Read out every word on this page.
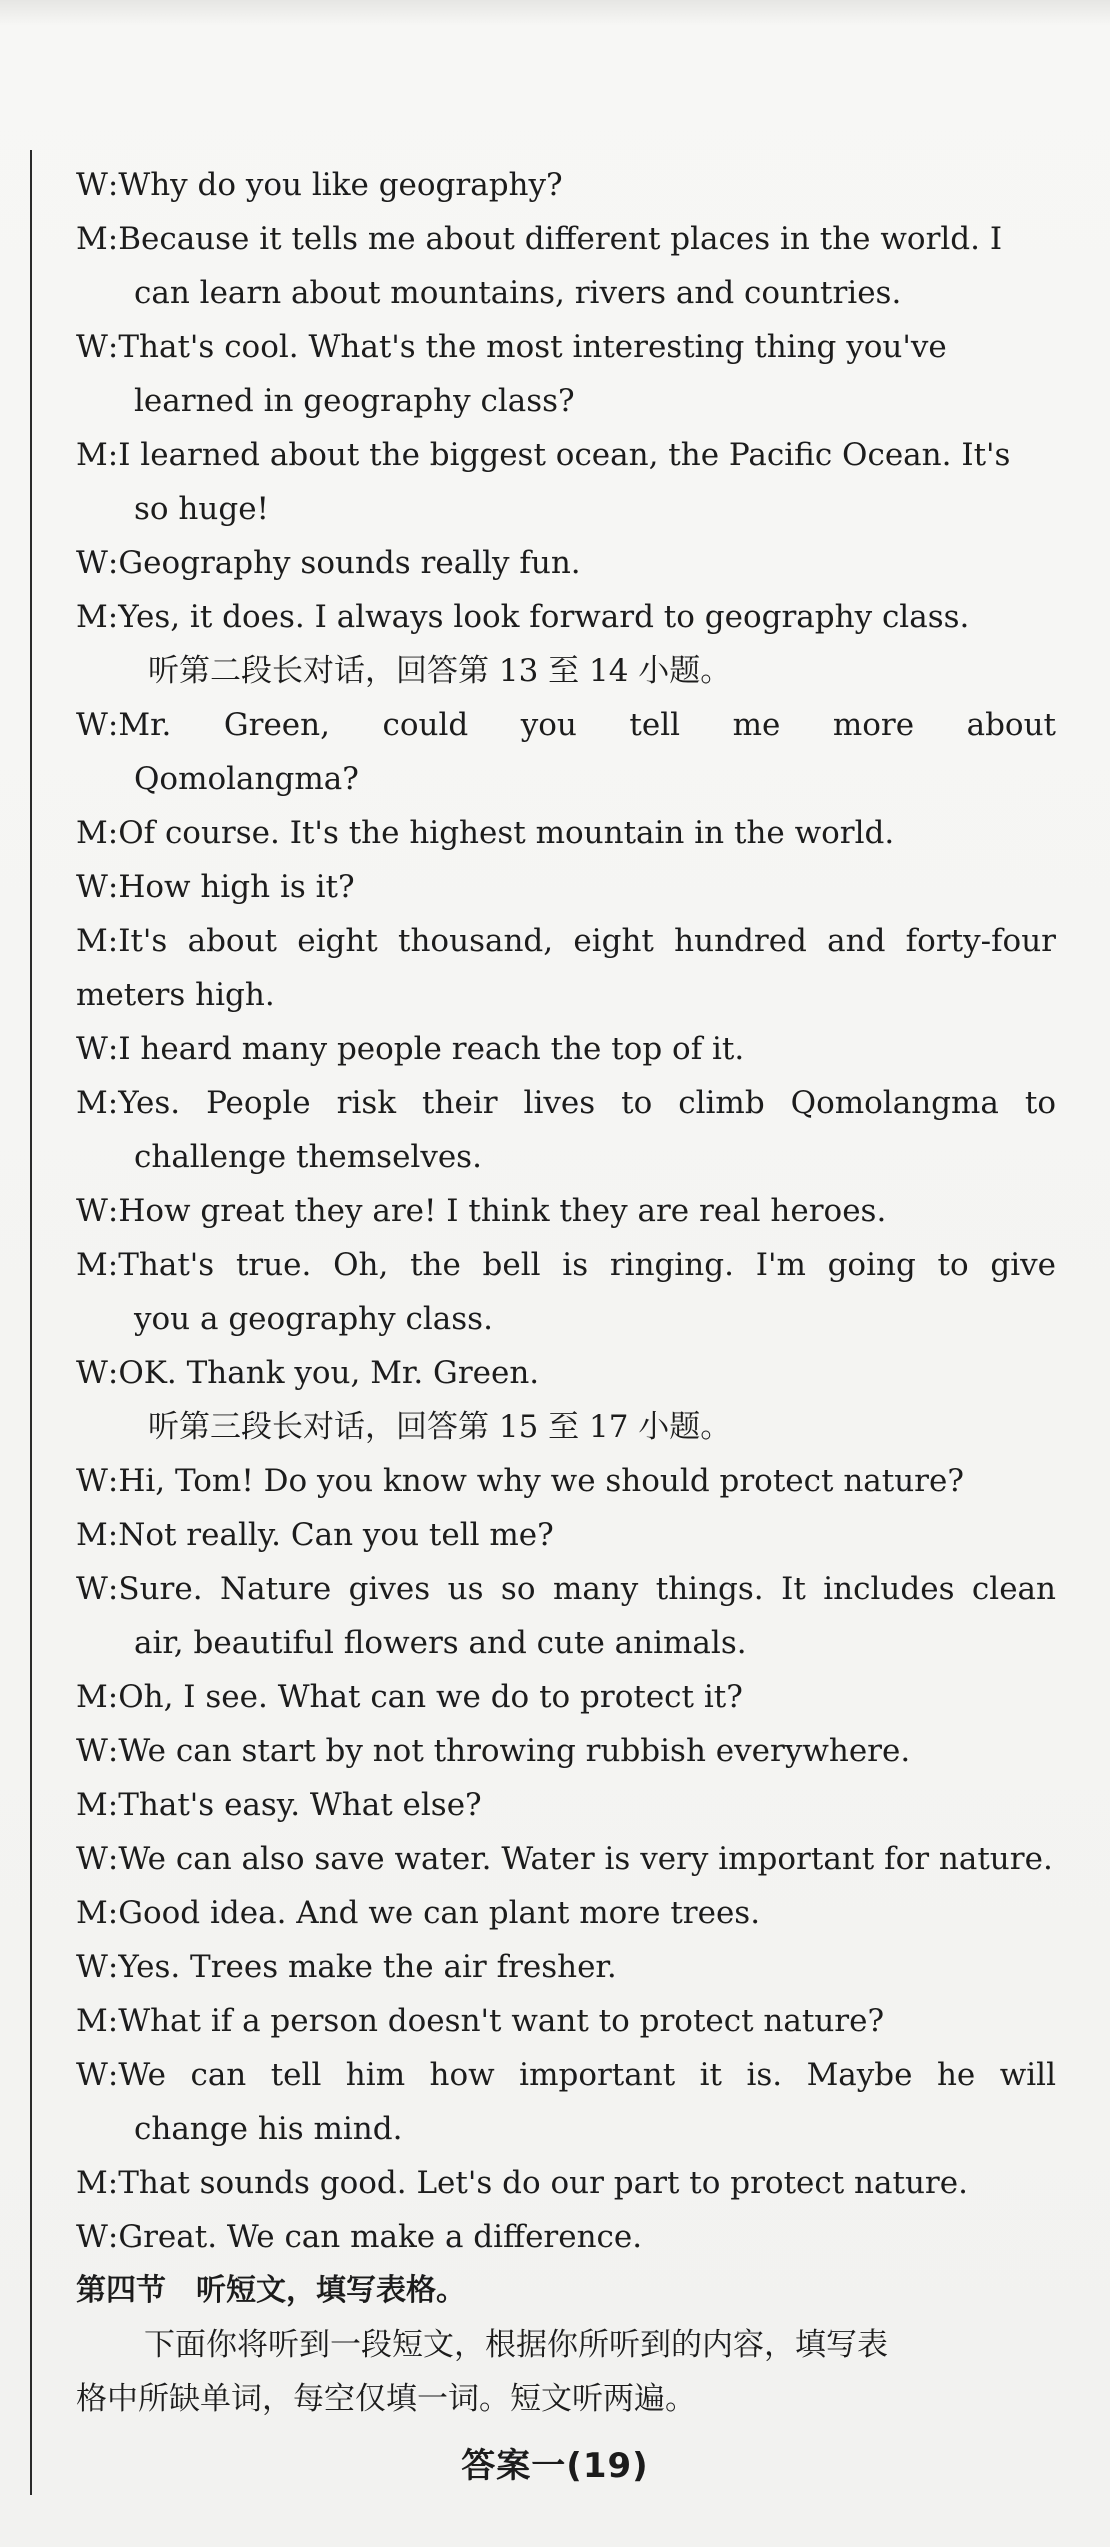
W:Why do you like geography?
M:Because it tells me about different places in the world. I
can learn about mountains, rivers and countries.
W:That's cool. What's the most interesting thing you've
learned in geography class?
M:I learned about the biggest ocean, the Pacific Ocean. It's
so huge!
W:Geography sounds really fun.
M:Yes, it does. I always look forward to geography class.
听第二段长对话，回答第 13 至 14 小题。
W:Mr. Green, could you tell me more about
Qomolangma?
M:Of course. It's the highest mountain in the world.
W:How high is it?
M:It's about eight thousand, eight hundred and forty-four
meters high.
W:I heard many people reach the top of it.
M:Yes. People risk their lives to climb Qomolangma to
challenge themselves.
W:How great they are! I think they are real heroes.
M:That's true. Oh, the bell is ringing. I'm going to give
you a geography class.
W:OK. Thank you, Mr. Green.
听第三段长对话，回答第 15 至 17 小题。
W:Hi, Tom! Do you know why we should protect nature?
M:Not really. Can you tell me?
W:Sure. Nature gives us so many things. It includes clean
air, beautiful flowers and cute animals.
M:Oh, I see. What can we do to protect it?
W:We can start by not throwing rubbish everywhere.
M:That's easy. What else?
W:We can also save water. Water is very important for nature.
M:Good idea. And we can plant more trees.
W:Yes. Trees make the air fresher.
M:What if a person doesn't want to protect nature?
W:We can tell him how important it is. Maybe he will
change his mind.
M:That sounds good. Let's do our part to protect nature.
W:Great. We can make a difference.
第四节 听短文，填写表格。
下面你将听到一段短文，根据你所听到的内容，填写表
格中所缺单词，每空仅填一词。短文听两遍。
答案一(19)
